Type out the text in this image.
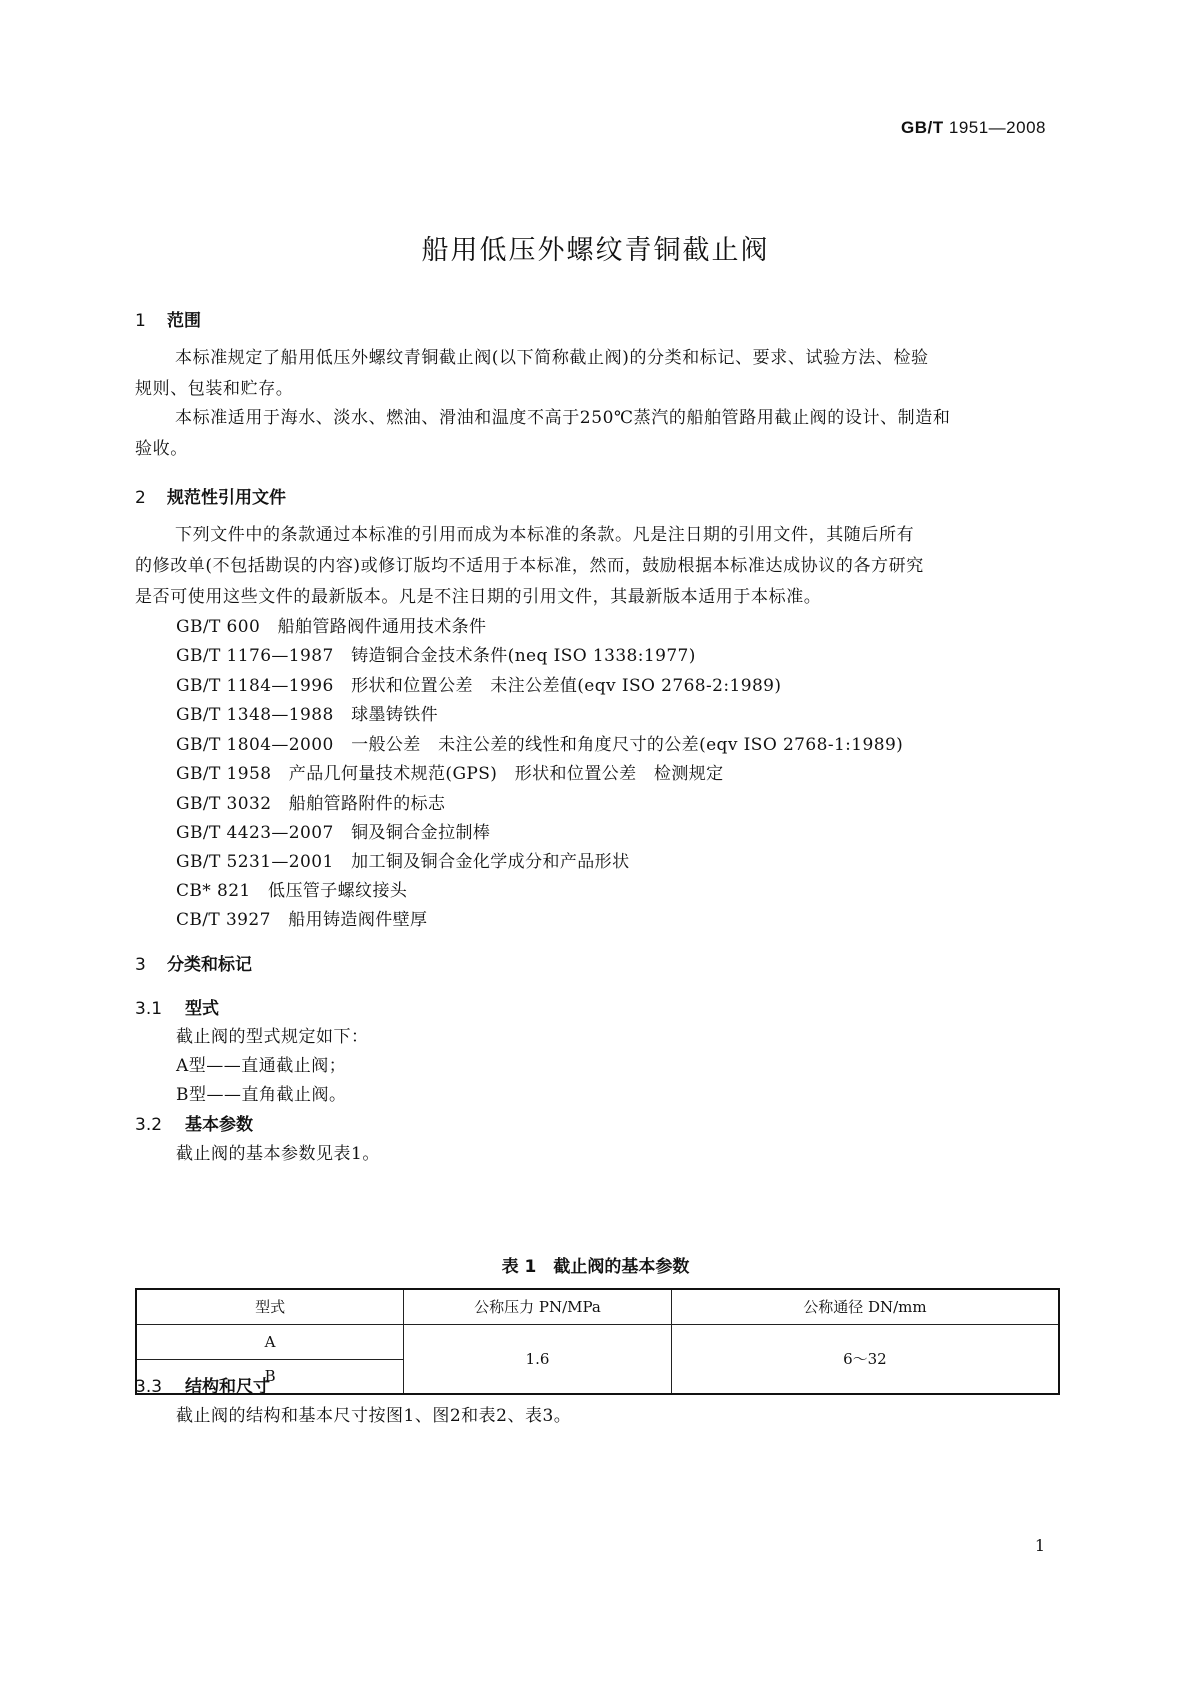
GB/T 1951—2008
船用低压外螺纹青铜截止阀
1 范围
本标准规定了船用低压外螺纹青铜截止阀(以下简称截止阀)的分类和标记、要求、试验方法、检验
规则、包装和贮存。
本标准适用于海水、淡水、燃油、滑油和温度不高于250℃蒸汽的船舶管路用截止阀的设计、制造和
验收。
2 规范性引用文件
下列文件中的条款通过本标准的引用而成为本标准的条款。凡是注日期的引用文件，其随后所有
的修改单(不包括勘误的内容)或修订版均不适用于本标准，然而，鼓励根据本标准达成协议的各方研究
是否可使用这些文件的最新版本。凡是不注日期的引用文件，其最新版本适用于本标准。
GB/T 600　船舶管路阀件通用技术条件
GB/T 1176—1987　铸造铜合金技术条件(neq ISO 1338:1977)
GB/T 1184—1996　形状和位置公差　未注公差值(eqv ISO 2768-2:1989)
GB/T 1348—1988　球墨铸铁件
GB/T 1804—2000　一般公差　未注公差的线性和角度尺寸的公差(eqv ISO 2768-1:1989)
GB/T 1958　产品几何量技术规范(GPS)　形状和位置公差　检测规定
GB/T 3032　船舶管路附件的标志
GB/T 4423—2007　铜及铜合金拉制棒
GB/T 5231—2001　加工铜及铜合金化学成分和产品形状
CB* 821　低压管子螺纹接头
CB/T 3927　船用铸造阀件壁厚
3 分类和标记
3.1 型式
截止阀的型式规定如下：
A型——直通截止阀；
B型——直角截止阀。
3.2 基本参数
截止阀的基本参数见表1。
表 1　截止阀的基本参数
型式	公称压力 PN/MPa	公称通径 DN/mm
A	1.6	6～32
B		
3.3 结构和尺寸
截止阀的结构和基本尺寸按图1、图2和表2、表3。
1
